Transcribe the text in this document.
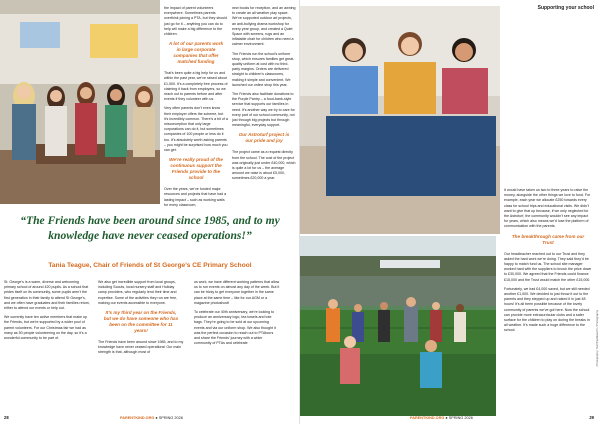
the impact of parent volunteers everywhere. Sometimes parents overthink joining a PTA, but they should just go for it – anything you can do to help will make a big difference to the children.

A lot of our parents work in large corporate companies that offer matched funding

That’s been quite a big help for us and within the past year, we’ve raised about £1,500. It’s a completely free process of claiming it back from employers, so we reach out to parents before and after events if they volunteer with us.

Very often parents don’t even know their employer offers the scheme, but it’s incredibly common. There’s a bit of a misconception that only large corporations can do it, but sometimes companies of 100 people or less do it too. It’s absolutely worth asking parents – you might be surprised how much you can get.

We’re really proud of the continuous support the Friends provide to the school

Over the years, we’ve funded major resources and projects that have had a lasting impact – such as working walls for every classroom,

new books for reception, and an awning to create an all weather play space. We’ve supported outdoor art projects, an anti-bullying drama workshop for every year group, and created a Quiet Space with screens, rugs and an inflatable chair for children who need a calmer environment.

The Friends run the school’s uniform shop, which ensures families get great-quality uniform at cost with no third-party margins. Orders are delivered straight to children’s classrooms, making it simple and convenient. We launched our online shop this year.

The Friends also facilitate donations to the Purple Pantry – a food-bank-style service that supports our families in need. It’s another way we try to care for every part of our school community, not just through big projects but through meaningful, everyday support.

Our Astroturf project is our pride and joy

The project came as a request directly from the school. The cost of the project was originally just under £40,000, which is quite a lot for us – the average amount we raise is about £5,000, sometimes £20,000 a year.

“The Friends have been around since 1985, and to my knowledge have never ceased operations!”
Tania Teague, Chair of Friends of St George’s CE Primary School

St. George’s is a warm, diverse and welcoming primary school of around 420 pupils. As a school that prides itself on its community, some pupils aren’t the first generation in their family to attend St George’s, and we often have graduates and their families return, either to attend our events or help out.

We currently have ten active members that make up the Friends, but we’re supported by a wider pool of parent volunteers. For our Christmas fair we had as many as 50 people volunteering on the day, so it’s a wonderful community to be part of.

We also get incredible support from local groups, including Scouts, local nursery staff and Holiday camp providers, who regularly lend their time and expertise. Some of the activities they run are free, making our events accessible to everyone.

It’s my third year on the Friends, but we do have someone who has been on the committee for 11 years!

The Friends have been around since 1985, and to my knowledge have never ceased operations! Our main strength is that, although most of

us work, we have different working patterns that allow us to run events on almost any day of the week. But it can be tricky to get everyone together in the same place at the same time – like for our AGM or a magazine photoshoot!

To celebrate our 40th anniversary, we’re looking to produce an anniversary logo, tea towels and tote bags. They’re going to be sold at our upcoming events and via our uniform shop. We also thought it was the perfect occasion to reach out to PTAtours and share the Friends’ journey with a wider community of PTAs and celebrate

28	PARENTKIND.ORG ● SPRING 2026
Supporting your school

It would have taken us two to three years to raise the money, alongside the other things we love to fund. For example, each year we allocate £250 towards every class for school trips and educational visits. We didn’t want to give that up because, if we only neglected for the Astroturf, the community wouldn’t see any impact for years, which also means we’d lose the platform of communication with the parents.

The breakthrough came from our Trust

Our headteacher reached out to our Trust and they asked the hard work we’re doing. They said they’d be happy to match fund us. The school site manager worked hard with the suppliers to knock the price down to £30,000. We agreed that the Friends could finance £15,000 and the Trust would match the other £15,000.

Fortunately, we had £4,000 saved, but we still needed another £1,000. We decided to just throw it out to the parents and they stepped up and raised it in just 48 hours! It’s all been possible because of the lovely community of parents we’ve got here. Now the school can provide more extracurricular clubs and a safer surface for the children to play on during the breaks in all weather. It’s made such a huge difference to the school.	Photography: Ted Shuttleworth / Photography
PARENTKIND.ORG ● SPRING 2026	29
